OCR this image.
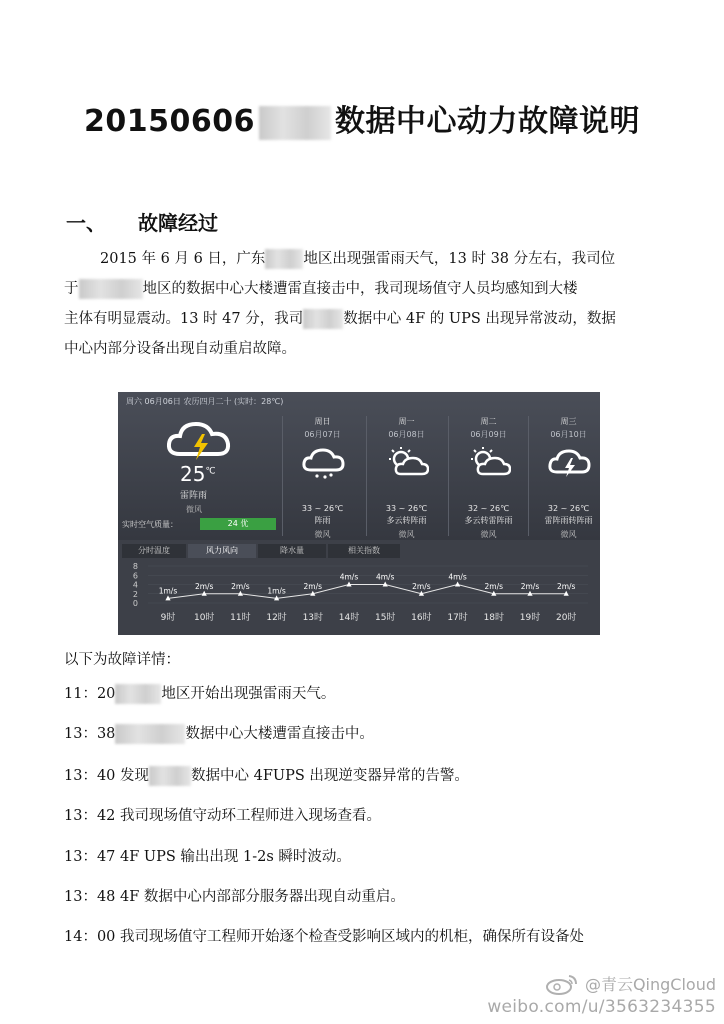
20150606	数据中心动力故障说明
一、 故障经过
2015 年 6 月 6 日，广东	地区出现强雷雨天气，13 时 38 分左右，我司位
于	地区的数据中心大楼遭雷直接击中，我司现场值守人员均感知到大楼
主体有明显震动。13 时 47 分，我司	数据中心 4F 的 UPS 出现异常波动，数据
中心内部分设备出现自动重启故障。
周六 06月06日 农历四月二十 (实时：28℃)
25℃
雷阵雨
微风
实时空气质量：	24 优
周日
06月07日
33 ~ 26℃
阵雨
微风
周一
06月08日
33 ~ 26℃
多云转阵雨
微风
周二
06月09日
32 ~ 26℃
多云转雷阵雨
微风
周三
06月10日
32 ~ 26℃
雷阵雨转阵雨
微风
分时温度	风力风向	降水量	相关指数
8
6
4
2
0
1m/s
9时
2m/s
10时
2m/s
11时
1m/s
12时
2m/s
13时
4m/s
14时
4m/s
15时
2m/s
16时
4m/s
17时
2m/s
18时
2m/s
19时
2m/s
20时
以下为故障详情：
11：20	地区开始出现强雷雨天气。
13：38	数据中心大楼遭雷直接击中。
13：40 发现	数据中心 4FUPS 出现逆变器异常的告警。
13：42 我司现场值守动环工程师进入现场查看。
13：47 4F UPS 输出出现 1-2s 瞬时波动。
13：48 4F 数据中心内部部分服务器出现自动重启。
14：00 我司现场值守工程师开始逐个检查受影响区域内的机柜，确保所有设备处
@青云QingCloud
weibo.com/u/3563234355
